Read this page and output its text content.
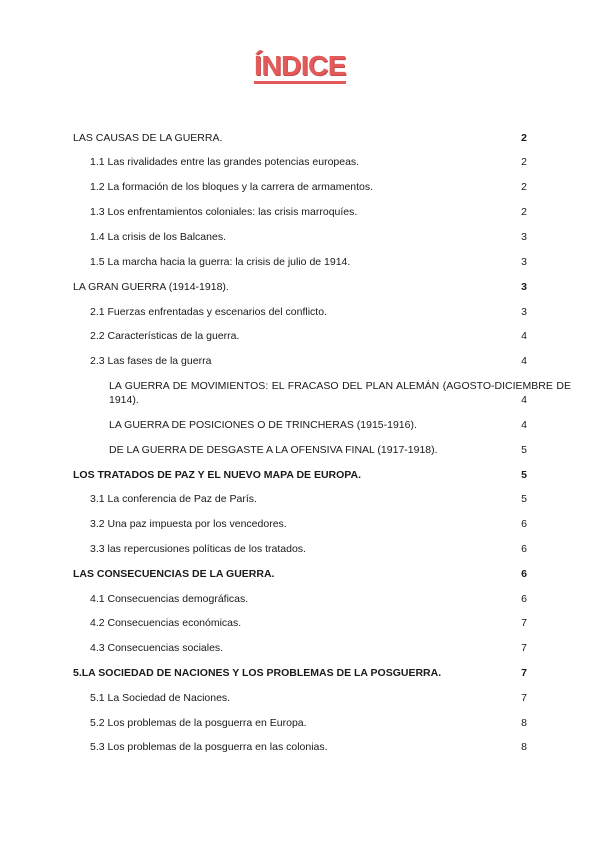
ÍNDICE
LAS CAUSAS DE LA GUERRA.	2
1.1 Las rivalidades entre las grandes potencias europeas.	2
1.2 La formación de los bloques y la carrera de armamentos.	2
1.3 Los enfrentamientos coloniales: las crisis marroquíes.	2
1.4 La crisis de los Balcanes.	3
1.5 La marcha hacia la guerra: la crisis de julio de 1914.	3
LA GRAN GUERRA (1914-1918).	3
2.1 Fuerzas enfrentadas y escenarios del conflicto.	3
2.2 Características de la guerra.	4
2.3 Las fases de la guerra	4
LA GUERRA DE MOVIMIENTOS: EL FRACASO DEL PLAN ALEMÁN (AGOSTO-DICIEMBRE DE 1914).	4
LA GUERRA DE POSICIONES O DE TRINCHERAS (1915-1916).	4
DE LA GUERRA DE DESGASTE A LA OFENSIVA FINAL (1917-1918).	5
LOS TRATADOS DE PAZ Y EL NUEVO MAPA DE EUROPA.	5
3.1 La conferencia de Paz de París.	5
3.2 Una paz impuesta por los vencedores.	6
3.3 las repercusiones políticas de los tratados.	6
LAS CONSECUENCIAS DE LA GUERRA.	6
4.1 Consecuencias demográficas.	6
4.2 Consecuencias económicas.	7
4.3 Consecuencias sociales.	7
5.LA SOCIEDAD DE NACIONES Y LOS PROBLEMAS DE LA POSGUERRA.	7
5.1 La Sociedad de Naciones.	7
5.2 Los problemas de la posguerra en Europa.	8
5.3 Los problemas de la posguerra en las colonias.	8
